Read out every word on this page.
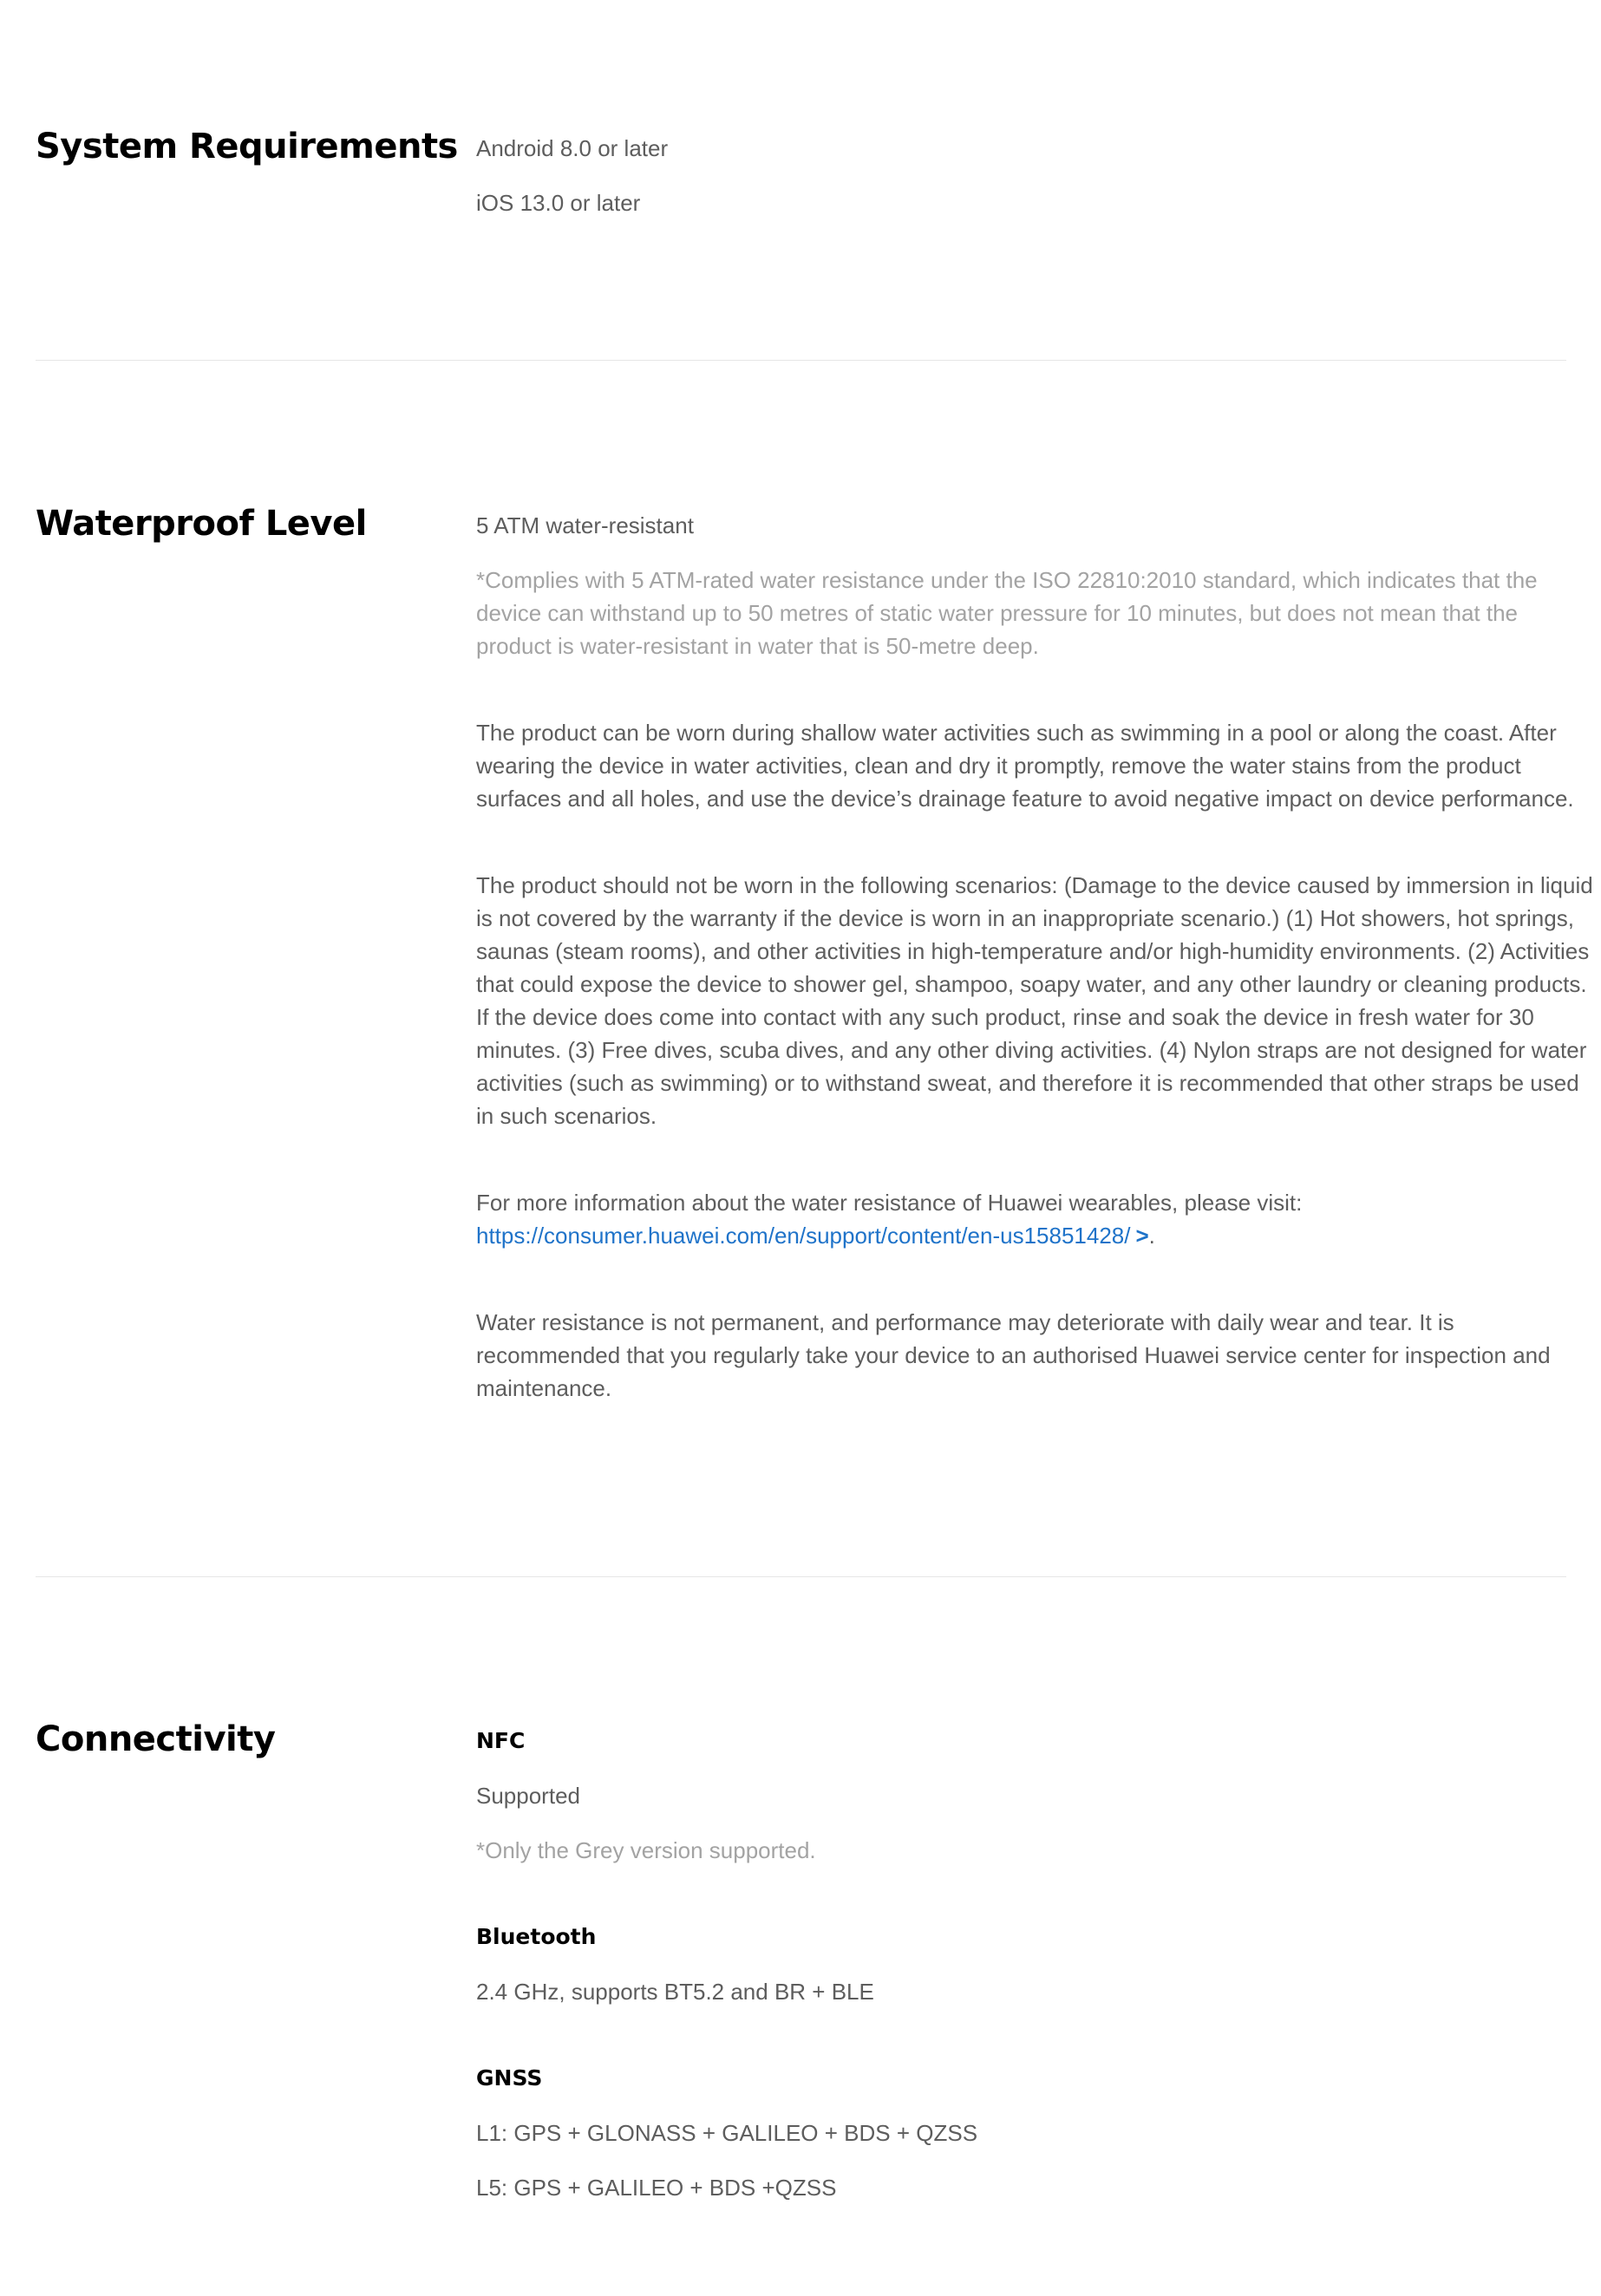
System Requirements Android 8.0 or later

iOS 13.0 or later

Waterproof Level	5 ATM water-resistant

*Complies with 5 ATM-rated water resistance under the ISO 22810:2010 standard, which indicates that the device can withstand up to 50 metres of static water pressure for 10 minutes, but does not mean that the product is water-resistant in water that is 50-metre deep.

The product can be worn during shallow water activities such as swimming in a pool or along the coast. After wearing the device in water activities, clean and dry it promptly, remove the water stains from the product surfaces and all holes, and use the device’s drainage feature to avoid negative impact on device performance.

The product should not be worn in the following scenarios: (Damage to the device caused by immersion in liquid is not covered by the warranty if the device is worn in an inappropriate scenario.) (1) Hot showers, hot springs, saunas (steam rooms), and other activities in high-temperature and/or high-humidity environments. (2) Activities that could expose the device to shower gel, shampoo, soapy water, and any other laundry or cleaning products. If the device does come into contact with any such product, rinse and soak the device in fresh water for 30 minutes. (3) Free dives, scuba dives, and any other diving activities. (4) Nylon straps are not designed for water activities (such as swimming) or to withstand sweat, and therefore it is recommended that other straps be used in such scenarios.

For more information about the water resistance of Huawei wearables, please visit:
https://consumer.huawei.com/en/support/content/en-us15851428/ >.

Water resistance is not permanent, and performance may deteriorate with daily wear and tear. It is recommended that you regularly take your device to an authorised Huawei service center for inspection and maintenance.

Connectivity	NFC

Supported

*Only the Grey version supported.

Bluetooth

2.4 GHz, supports BT5.2 and BR + BLE

GNSS

L1: GPS + GLONASS + GALILEO + BDS + QZSS

L5: GPS + GALILEO + BDS +QZSS
